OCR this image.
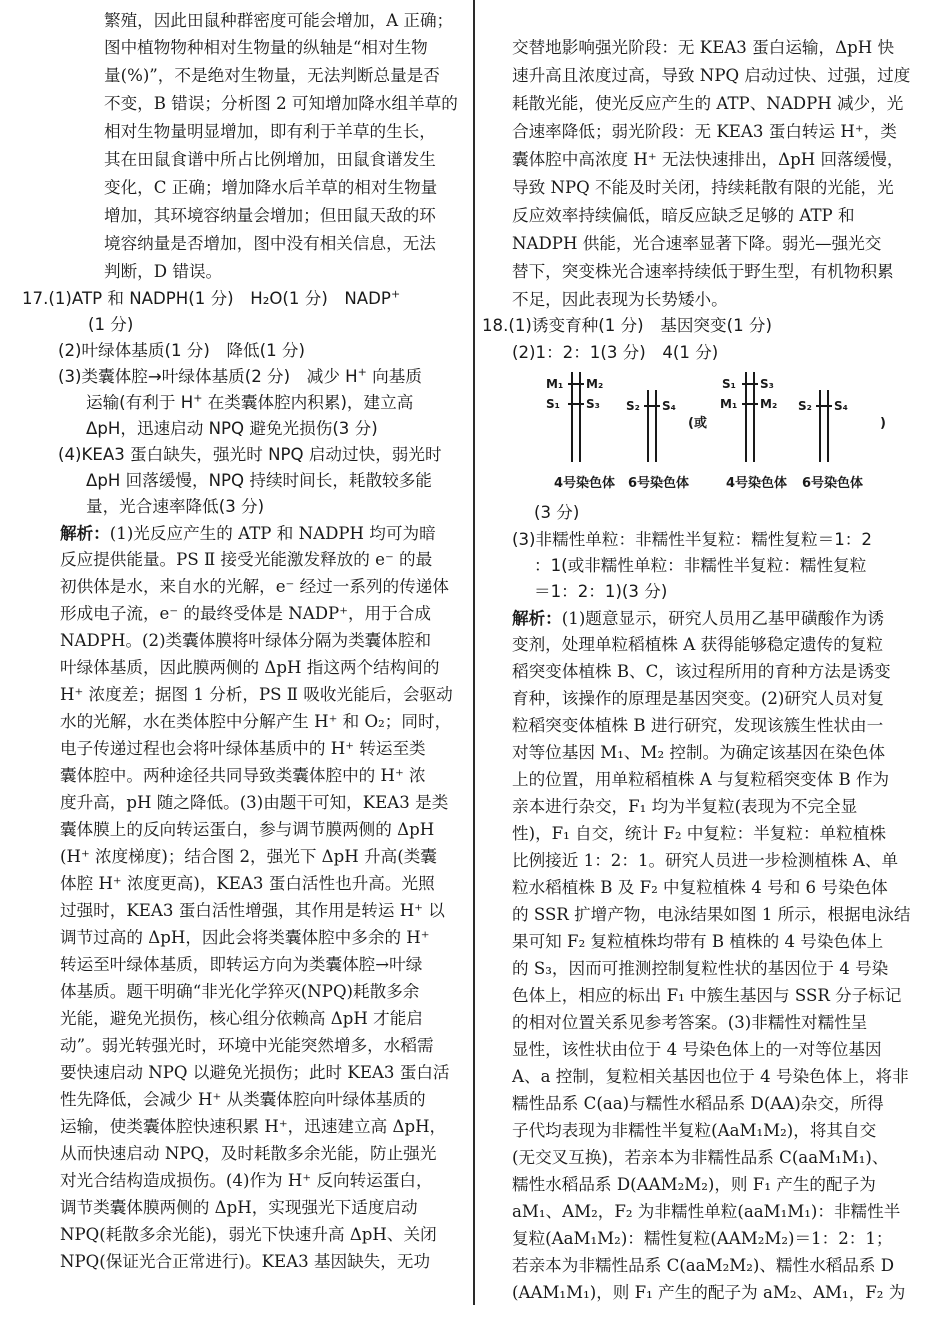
繁殖，因此田鼠种群密度可能会增加，A 正确；
图中植物物种相对生物量的纵轴是“相对生物
量(%)”，不是绝对生物量，无法判断总量是否
不变，B 错误；分析图 2 可知增加降水组羊草的
相对生物量明显增加，即有利于羊草的生长，
其在田鼠食谱中所占比例增加，田鼠食谱发生
变化，C 正确；增加降水后羊草的相对生物量
增加，其环境容纳量会增加；但田鼠天敌的环
境容纳量是否增加，图中没有相关信息，无法
判断，D 错误。
17.(1)ATP 和 NADPH(1 分)　H₂O(1 分)　NADP+
(1 分)
(2)叶绿体基质(1 分)　降低(1 分)
(3)类囊体腔→叶绿体基质(2 分)　减少 H+ 向基质
运输(有利于 H+ 在类囊体腔内积累)，建立高
ΔpH，迅速启动 NPQ 避免光损伤(3 分)
(4)KEA3 蛋白缺失，强光时 NPQ 启动过快，弱光时
ΔpH 回落缓慢，NPQ 持续时间长，耗散较多能
量，光合速率降低(3 分)
解析：(1)光反应产生的 ATP 和 NADPH 均可为暗
反应提供能量。PS Ⅱ 接受光能激发释放的 e⁻ 的最
初供体是水，来自水的光解，e⁻ 经过一系列的传递体
形成电子流，e⁻ 的最终受体是 NADP⁺，用于合成
NADPH。(2)类囊体膜将叶绿体分隔为类囊体腔和
叶绿体基质，因此膜两侧的 ΔpH 指这两个结构间的
H⁺ 浓度差；据图 1 分析，PS Ⅱ 吸收光能后，会驱动
水的光解，水在类体腔中分解产生 H⁺ 和 O₂；同时，
电子传递过程也会将叶绿体基质中的 H⁺ 转运至类
囊体腔中。两种途径共同导致类囊体腔中的 H⁺ 浓
度升高，pH 随之降低。(3)由题干可知，KEA3 是类
囊体膜上的反向转运蛋白，参与调节膜两侧的 ΔpH
(H⁺ 浓度梯度)；结合图 2，强光下 ΔpH 升高(类囊
体腔 H⁺ 浓度更高)，KEA3 蛋白活性也升高。光照
过强时，KEA3 蛋白活性增强，其作用是转运 H⁺ 以
调节过高的 ΔpH，因此会将类囊体腔中多余的 H⁺
转运至叶绿体基质，即转运方向为类囊体腔→叶绿
体基质。题干明确“非光化学猝灭(NPQ)耗散多余
光能，避免光损伤，核心组分依赖高 ΔpH 才能启
动”。弱光转强光时，环境中光能突然增多，水稻需
要快速启动 NPQ 以避免光损伤；此时 KEA3 蛋白活
性先降低，会减少 H⁺ 从类囊体腔向叶绿体基质的
运输，使类囊体腔快速积累 H⁺，迅速建立高 ΔpH，
从而快速启动 NPQ，及时耗散多余光能，防止强光
对光合结构造成损伤。(4)作为 H⁺ 反向转运蛋白，
调节类囊体膜两侧的 ΔpH，实现强光下适度启动
NPQ(耗散多余光能)，弱光下快速升高 ΔpH、关闭
NPQ(保证光合正常进行)。KEA3 基因缺失，无功
交替地影响强光阶段：无 KEA3 蛋白运输，ΔpH 快
速升高且浓度过高，导致 NPQ 启动过快、过强，过度
耗散光能，使光反应产生的 ATP、NADPH 减少，光
合速率降低；弱光阶段：无 KEA3 蛋白转运 H⁺，类
囊体腔中高浓度 H⁺ 无法快速排出，ΔpH 回落缓慢，
导致 NPQ 不能及时关闭，持续耗散有限的光能，光
反应效率持续偏低，暗反应缺乏足够的 ATP 和
NADPH 供能，光合速率显著下降。弱光—强光交
替下，突变株光合速率持续低于野生型，有机物积累
不足，因此表现为长势矮小。
18.(1)诱变育种(1 分)　基因突变(1 分)
(2)1：2：1(3 分)　4(1 分)
M₁
S₁
M₂
S₃ S₂ S₄
4号染色体 6号染色体
(或
S₁
M₁
S₃
M₂ S₂ S₄
4号染色体 6号染色体
)
(3 分)
(3)非糯性单粒：非糯性半复粒：糯性复粒＝1：2
：1(或非糯性单粒：非糯性半复粒：糯性复粒
＝1：2：1)(3 分)
解析：(1)题意显示，研究人员用乙基甲磺酸作为诱
变剂，处理单粒稻植株 A 获得能够稳定遗传的复粒
稻突变体植株 B、C，该过程所用的育种方法是诱变
育种，该操作的原理是基因突变。(2)研究人员对复
粒稻突变体植株 B 进行研究，发现该簇生性状由一
对等位基因 M₁、M₂ 控制。为确定该基因在染色体
上的位置，用单粒稻植株 A 与复粒稻突变体 B 作为
亲本进行杂交，F₁ 均为半复粒(表现为不完全显
性)，F₁ 自交，统计 F₂ 中复粒：半复粒：单粒植株
比例接近 1：2：1。研究人员进一步检测植株 A、单
粒水稻植株 B 及 F₂ 中复粒植株 4 号和 6 号染色体
的 SSR 扩增产物，电泳结果如图 1 所示，根据电泳结
果可知 F₂ 复粒植株均带有 B 植株的 4 号染色体上
的 S₃，因而可推测控制复粒性状的基因位于 4 号染
色体上，相应的标出 F₁ 中簇生基因与 SSR 分子标记
的相对位置关系见参考答案。(3)非糯性对糯性呈
显性，该性状由位于 4 号染色体上的一对等位基因
A、a 控制，复粒相关基因也位于 4 号染色体上，将非
糯性品系 C(aa)与糯性水稻品系 D(AA)杂交，所得
子代均表现为非糯性半复粒(AaM₁M₂)，将其自交
(无交叉互换)，若亲本为非糯性品系 C(aaM₁M₁)、
糯性水稻品系 D(AAM₂M₂)，则 F₁ 产生的配子为
aM₁、AM₂，F₂ 为非糯性单粒(aaM₁M₁)：非糯性半
复粒(AaM₁M₂)：糯性复粒(AAM₂M₂)＝1：2：1；
若亲本为非糯性品系 C(aaM₂M₂)、糯性水稻品系 D
(AAM₁M₁)，则 F₁ 产生的配子为 aM₂、AM₁，F₂ 为
